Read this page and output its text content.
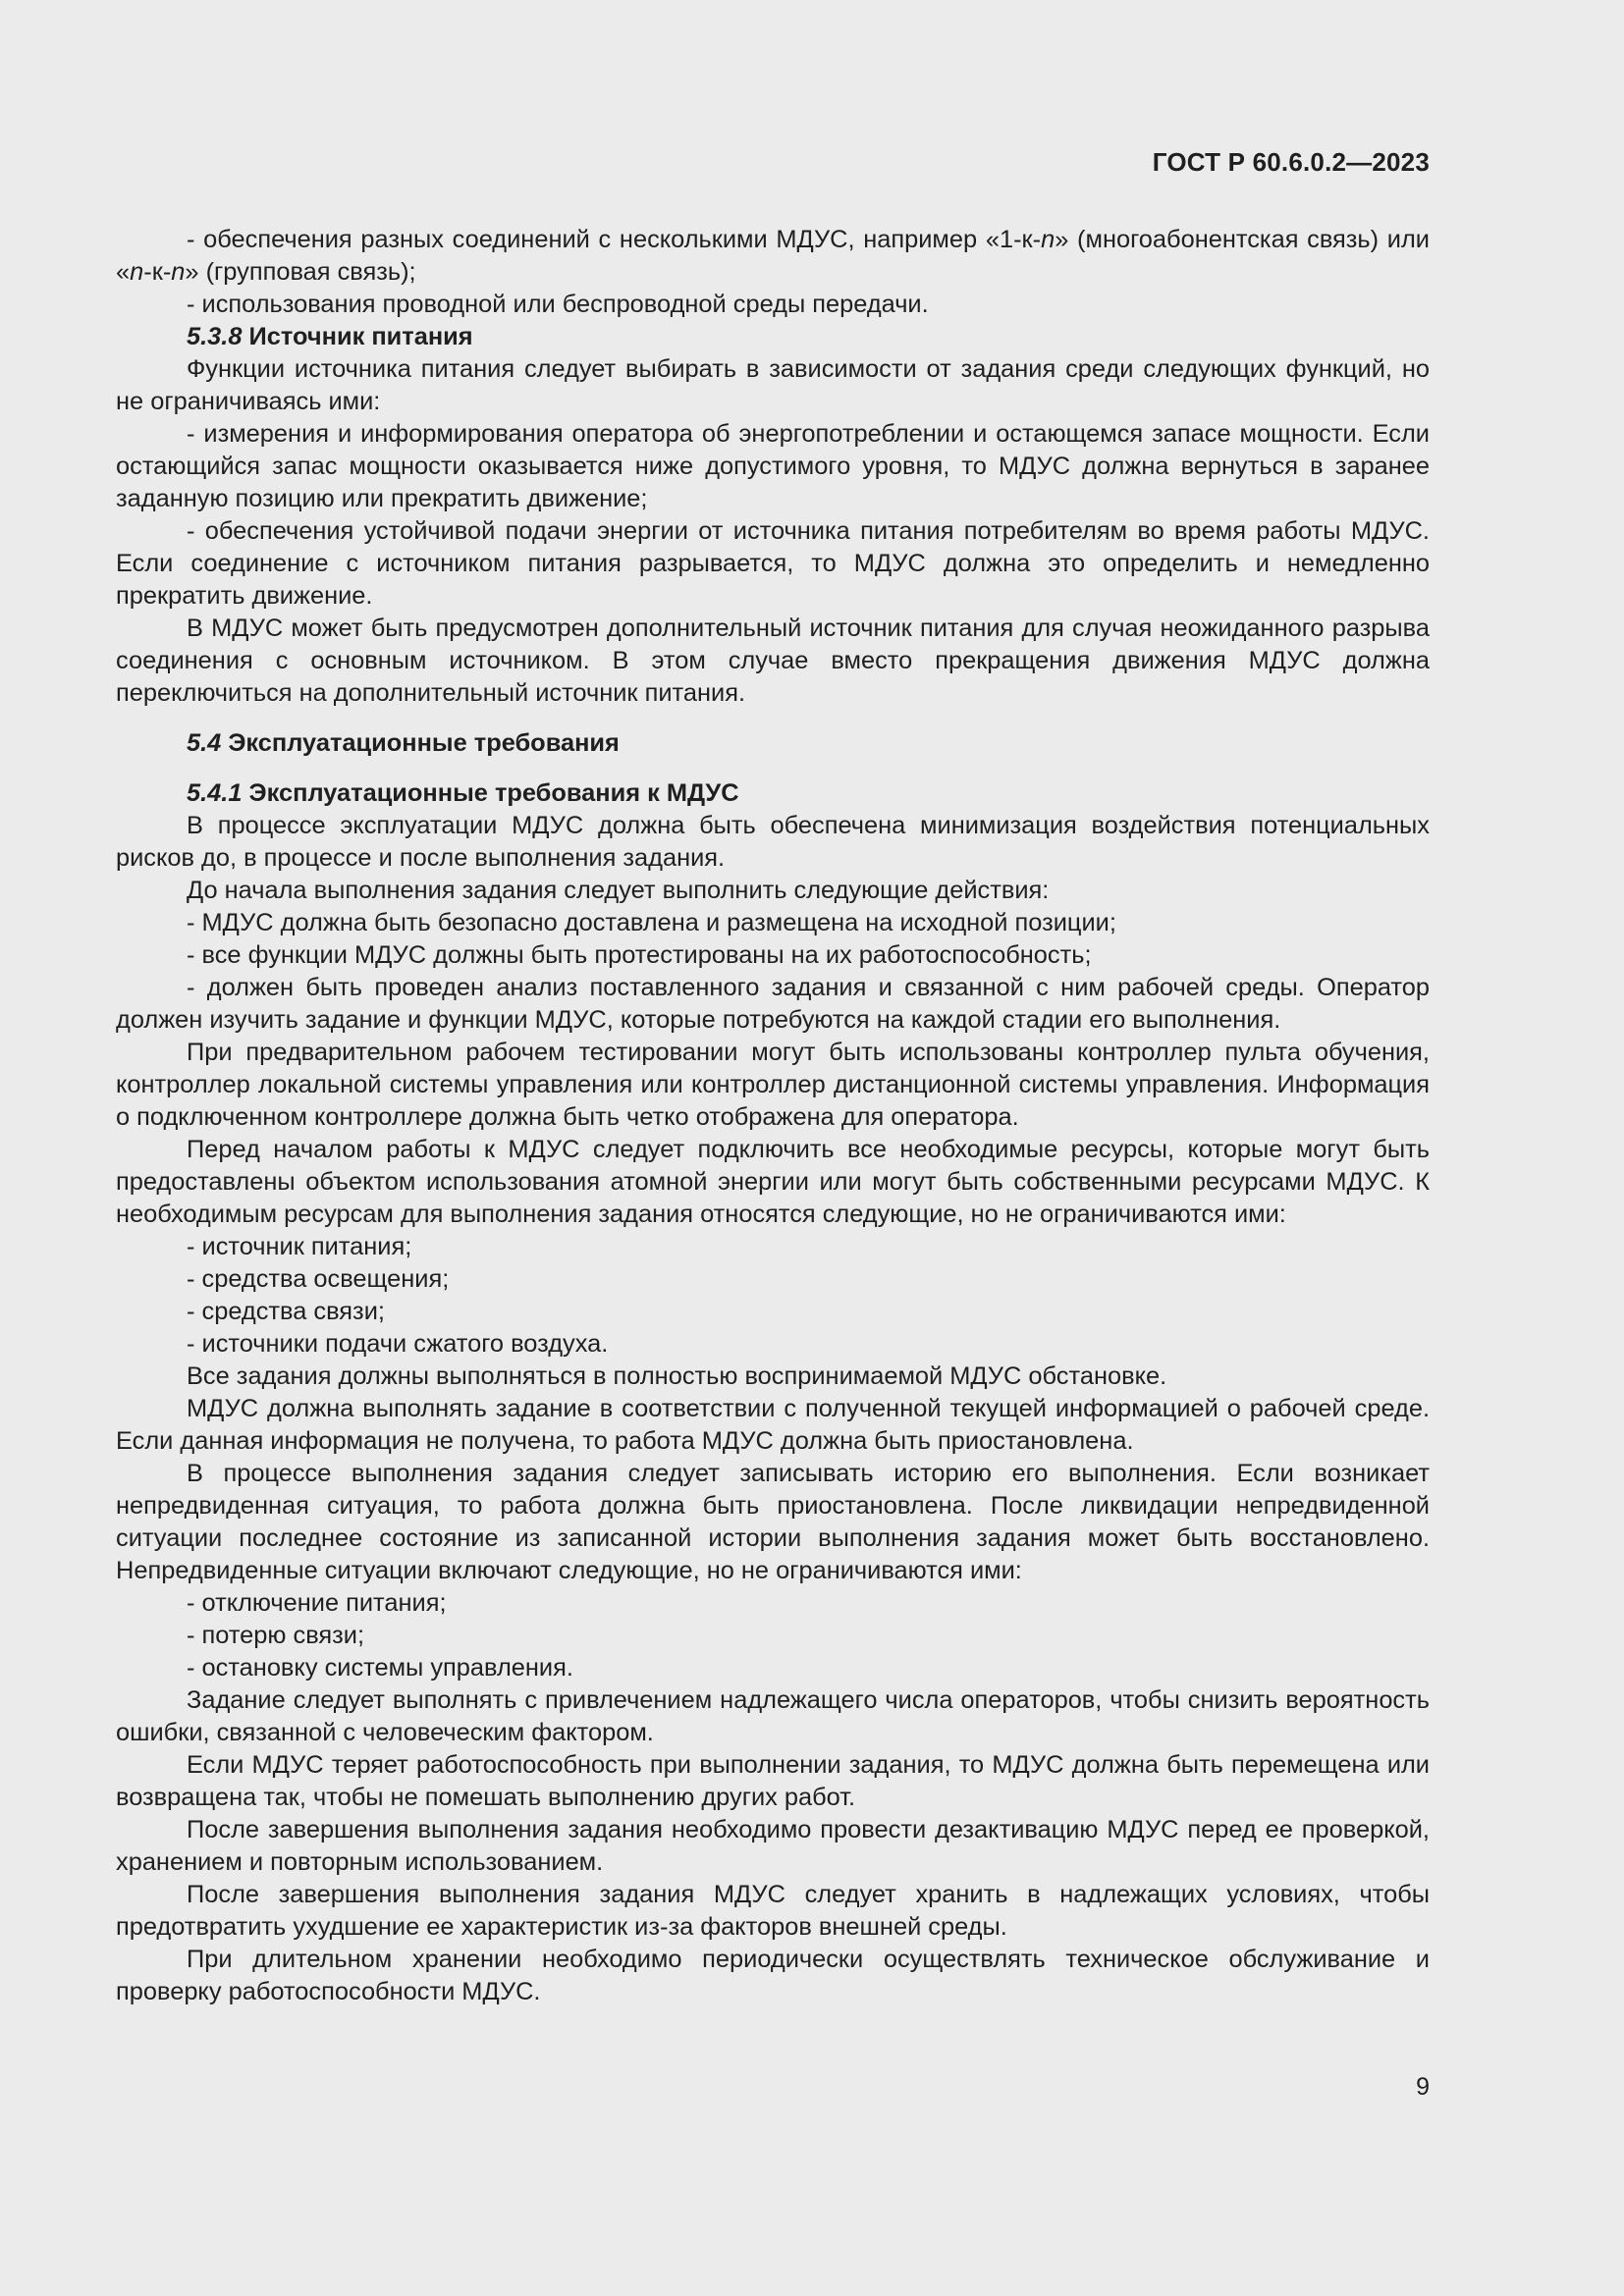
ГОСТ Р 60.6.0.2—2023

- обеспечения разных соединений с несколькими МДУС, например «1-к-n» (многоабонентская связь) или «n-к-n» (групповая связь);

- использования проводной или беспроводной среды передачи.

5.3.8 Источник питания

Функции источника питания следует выбирать в зависимости от задания среди следующих функций, но не ограничиваясь ими:

- измерения и информирования оператора об энергопотреблении и остающемся запасе мощности. Если остающийся запас мощности оказывается ниже допустимого уровня, то МДУС должна вернуться в заранее заданную позицию или прекратить движение;

- обеспечения устойчивой подачи энергии от источника питания потребителям во время работы МДУС. Если соединение с источником питания разрывается, то МДУС должна это определить и немедленно прекратить движение.

В МДУС может быть предусмотрен дополнительный источник питания для случая неожиданного разрыва соединения с основным источником. В этом случае вместо прекращения движения МДУС должна переключиться на дополнительный источник питания.

5.4 Эксплуатационные требования

5.4.1 Эксплуатационные требования к МДУС

В процессе эксплуатации МДУС должна быть обеспечена минимизация воздействия потенциальных рисков до, в процессе и после выполнения задания.

До начала выполнения задания следует выполнить следующие действия:

- МДУС должна быть безопасно доставлена и размещена на исходной позиции;

- все функции МДУС должны быть протестированы на их работоспособность;

- должен быть проведен анализ поставленного задания и связанной с ним рабочей среды. Оператор должен изучить задание и функции МДУС, которые потребуются на каждой стадии его выполнения.

При предварительном рабочем тестировании могут быть использованы контроллер пульта обучения, контроллер локальной системы управления или контроллер дистанционной системы управления. Информация о подключенном контроллере должна быть четко отображена для оператора.

Перед началом работы к МДУС следует подключить все необходимые ресурсы, которые могут быть предоставлены объектом использования атомной энергии или могут быть собственными ресурсами МДУС. К необходимым ресурсам для выполнения задания относятся следующие, но не ограничиваются ими:

- источник питания;

- средства освещения;

- средства связи;

- источники подачи сжатого воздуха.

Все задания должны выполняться в полностью воспринимаемой МДУС обстановке.

МДУС должна выполнять задание в соответствии с полученной текущей информацией о рабочей среде. Если данная информация не получена, то работа МДУС должна быть приостановлена.

В процессе выполнения задания следует записывать историю его выполнения. Если возникает непредвиденная ситуация, то работа должна быть приостановлена. После ликвидации непредвиденной ситуации последнее состояние из записанной истории выполнения задания может быть восстановлено. Непредвиденные ситуации включают следующие, но не ограничиваются ими:

- отключение питания;

- потерю связи;

- остановку системы управления.

Задание следует выполнять с привлечением надлежащего числа операторов, чтобы снизить вероятность ошибки, связанной с человеческим фактором.

Если МДУС теряет работоспособность при выполнении задания, то МДУС должна быть перемещена или возвращена так, чтобы не помешать выполнению других работ.

После завершения выполнения задания необходимо провести дезактивацию МДУС перед ее проверкой, хранением и повторным использованием.

После завершения выполнения задания МДУС следует хранить в надлежащих условиях, чтобы предотвратить ухудшение ее характеристик из-за факторов внешней среды.

При длительном хранении необходимо периодически осуществлять техническое обслуживание и проверку работоспособности МДУС.

9
